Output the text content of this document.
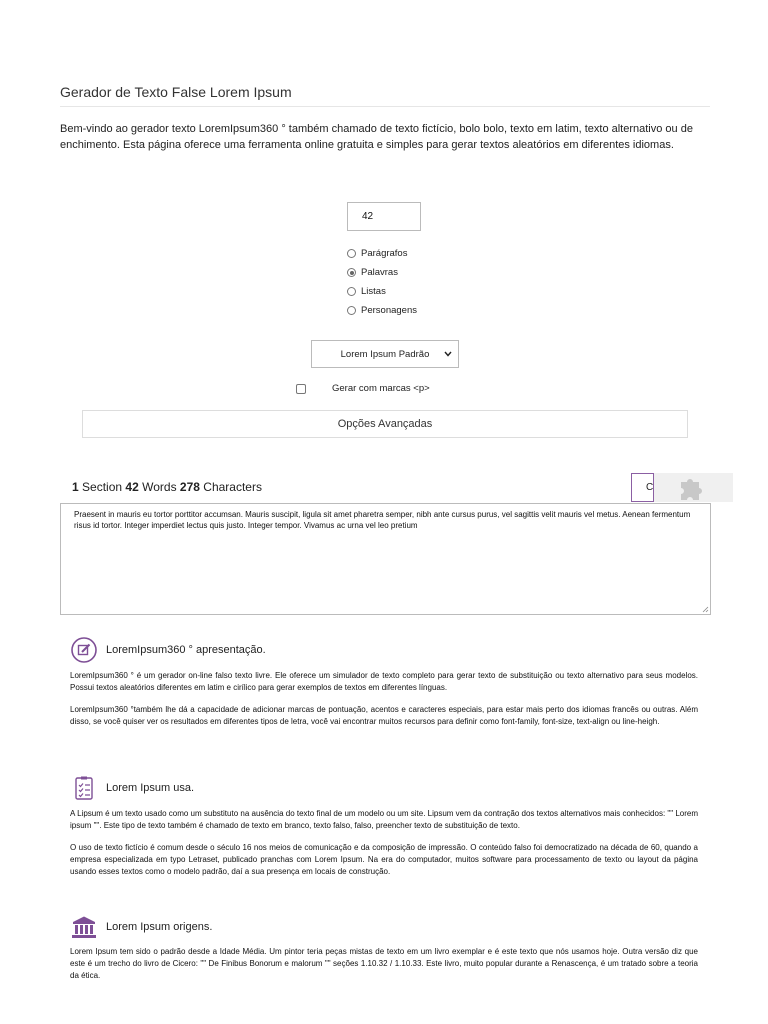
Gerador de Texto False Lorem Ipsum
Bem-vindo ao gerador texto LoremIpsum360 ° também chamado de texto fictício, bolo bolo, texto em latim, texto alternativo ou de enchimento. Esta página oferece uma ferramenta online gratuita e simples para gerar textos aleatórios em diferentes idiomas.
42
Parágrafos
Palavras
Listas
Personagens
Lorem Ipsum Padrão
Gerar com marcas <p>
Opções Avançadas
1 Section 42 Words 278 Characters	C
Praesent in mauris eu tortor porttitor accumsan. Mauris suscipit, ligula sit amet pharetra semper, nibh ante cursus purus, vel sagittis velit mauris vel metus. Aenean fermentum risus id tortor. Integer imperdiet lectus quis justo. Integer tempor. Vivamus ac urna vel leo pretium
LoremIpsum360 ° apresentação.

LoremIpsum360 ° é um gerador on-line falso texto livre. Ele oferece um simulador de texto completo para gerar texto de substituição ou texto alternativo para seus modelos. Possui textos aleatórios diferentes em latim e cirílico para gerar exemplos de textos em diferentes línguas.

LoremIpsum360 °também lhe dá a capacidade de adicionar marcas de pontuação, acentos e caracteres especiais, para estar mais perto dos idiomas francês ou outras. Além disso, se você quiser ver os resultados em diferentes tipos de letra, você vai encontrar muitos recursos para definir como font-family, font-size, text-align ou line-heigh.

Lorem Ipsum usa.

A Lipsum é um texto usado como um substituto na ausência do texto final de um modelo ou um site. Lipsum vem da contração dos textos alternativos mais conhecidos: "" Lorem ipsum "". Este tipo de texto também é chamado de texto em branco, texto falso, falso, preencher texto de substituição de texto.

O uso de texto fictício é comum desde o século 16 nos meios de comunicação e da composição de impressão. O conteúdo falso foi democratizado na década de 60, quando a empresa especializada em typo Letraset, publicado pranchas com Lorem Ipsum. Na era do computador, muitos software para processamento de texto ou layout da página usando esses textos como o modelo padrão, daí a sua presença em locais de construção.

Lorem Ipsum origens.

Lorem Ipsum tem sido o padrão desde a Idade Média. Um pintor teria peças mistas de texto em um livro exemplar e é este texto que nós usamos hoje. Outra versão diz que este é um trecho do livro de Cicero: "" De Finibus Bonorum e malorum "" seções 1.10.32 / 1.10.33. Este livro, muito popular durante a Renascença, é um tratado sobre a teoria da ética.
